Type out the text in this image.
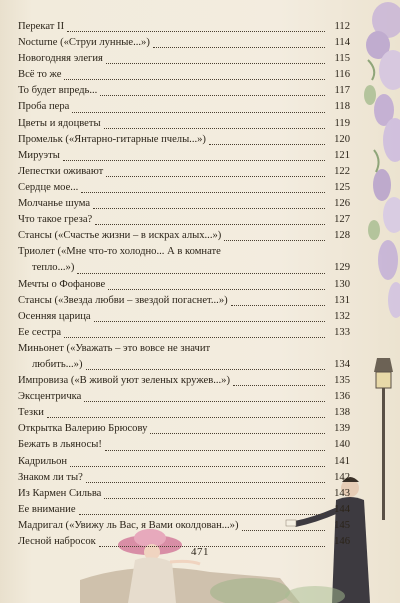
Перекат II	112
Nocturne («Струи лунные...»)	114
Новогодняя элегия	115
Всё то же	116
То будет впредь...	117
Проба пера	118
Цветы и ядоцветы	119
Промельк («Янтарно-гитарные пчелы...»)	120
Мируэты	121
Лепестки оживают	122
Сердце мое...	125
Молчанье шума	126
Что такое греза?	127
Стансы («Счастье жизни – в искрах алых...»)	128
Триолет («Мне что-то холодно... А в комнате
тепло...»)	129
Мечты о Фофанове	130
Стансы («Звезда любви – звездой погаснет...»)	131
Осенняя царица	132
Ее сестра	133
Миньонет («Уважать – это вовсе не значит
любить...»)	134
Импровиза («В живой уют зеленых кружев...»)	135
Эксцентричка	136
Тезки	138
Открытка Валерию Брюсову	139
Бежать в льяносы!	140
Кадрильон	141
Знаком ли ты?	142
Из Кармен Сильва	143
Ее внимание	144
Мадригал («Увижу ль Вас, я Вами околдован...»)	145
Лесной набросок	146
471
